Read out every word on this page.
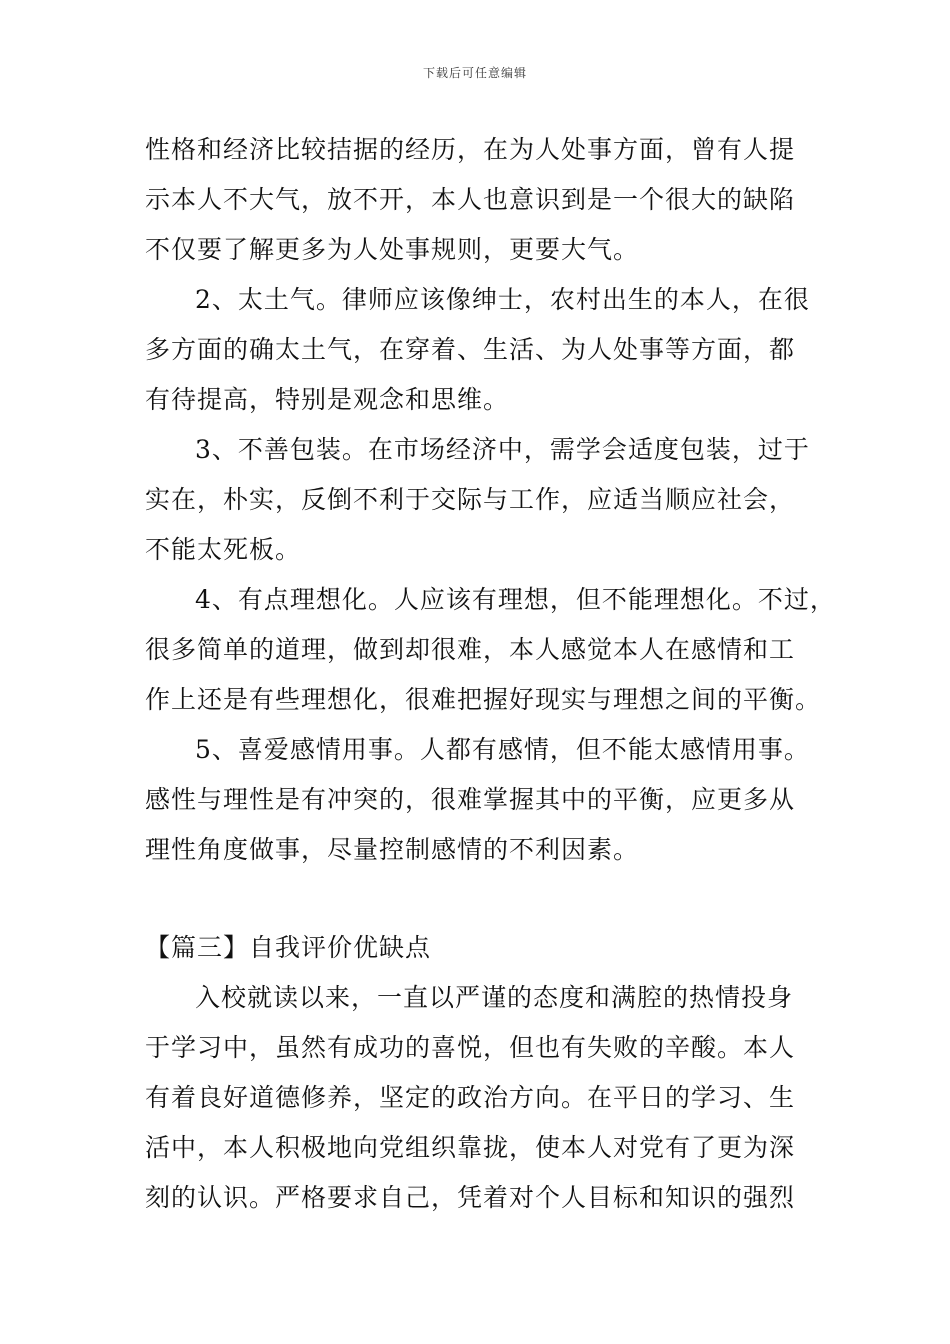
下载后可任意编辑
性格和经济比较拮据的经历，在为人处事方面，曾有人提
示本人不大气，放不开，本人也意识到是一个很大的缺陷
不仅要了解更多为人处事规则，更要大气。
2、太土气。律师应该像绅士，农村出生的本人，在很
多方面的确太土气，在穿着、生活、为人处事等方面，都
有待提高，特别是观念和思维。
3、不善包装。在市场经济中，需学会适度包装，过于
实在，朴实，反倒不利于交际与工作，应适当顺应社会，
不能太死板。
4、有点理想化。人应该有理想，但不能理想化。不过，
很多简单的道理，做到却很难，本人感觉本人在感情和工
作上还是有些理想化，很难把握好现实与理想之间的平衡。
5、喜爱感情用事。人都有感情，但不能太感情用事。
感性与理性是有冲突的，很难掌握其中的平衡，应更多从
理性角度做事，尽量控制感情的不利因素。
【篇三】自我评价优缺点
入校就读以来，一直以严谨的态度和满腔的热情投身
于学习中，虽然有成功的喜悦，但也有失败的辛酸。本人
有着良好道德修养，坚定的政治方向。在平日的学习、生
活中，本人积极地向党组织靠拢，使本人对党有了更为深
刻的认识。严格要求自己，凭着对个人目标和知识的强烈
